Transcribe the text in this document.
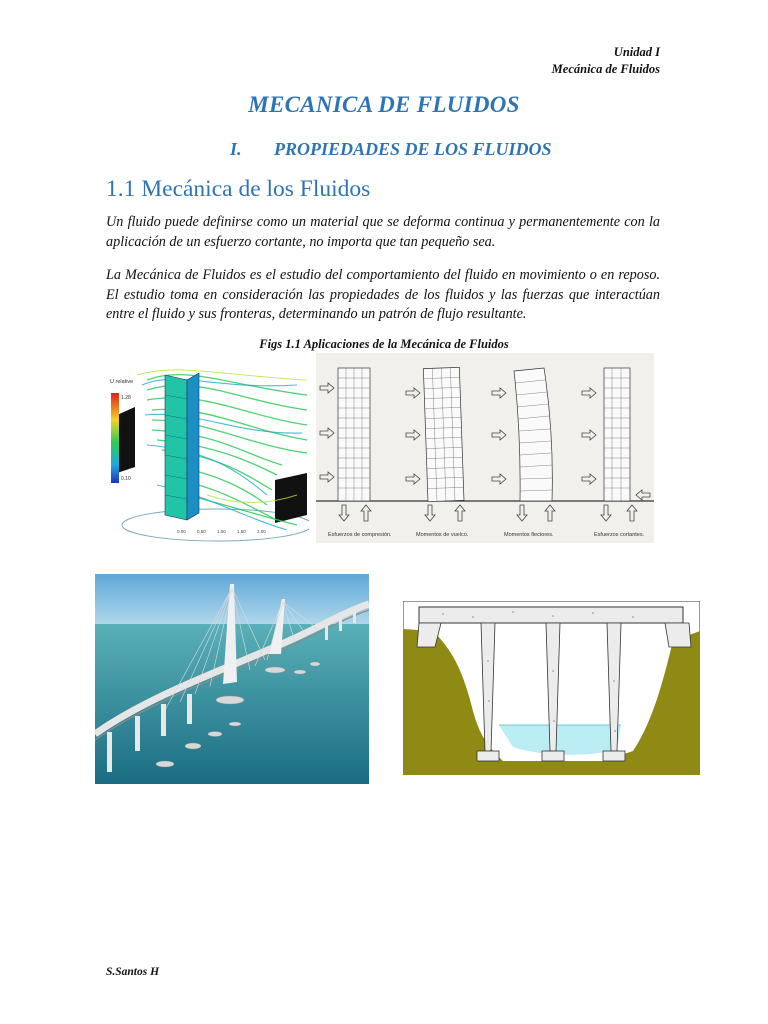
Unidad I
Mecánica de Fluidos
MECANICA DE FLUIDOS
I. PROPIEDADES DE LOS FLUIDOS
1.1 Mecánica de los Fluidos
Un fluido puede definirse como un material que se deforma continua y permanentemente con la aplicación de un esfuerzo cortante, no importa que tan pequeño sea.
La Mecánica de Fluidos es el estudio del comportamiento del fluido en movimiento o en reposo. El estudio toma en consideración las propiedades de los fluidos y las fuerzas que interactúan entre el fluido y sus fronteras, determinando un patrón de flujo resultante.
Figs 1.1 Aplicaciones de la Mecánica de Fluidos
U relative
1.28
0.10
0.00 0.50 1.00 1.50 2.00
Esfuerzos de compresión.	Momentos de vuelco.	Momentos flectores.	Esfuerzos cortantes.
S.Santos H
